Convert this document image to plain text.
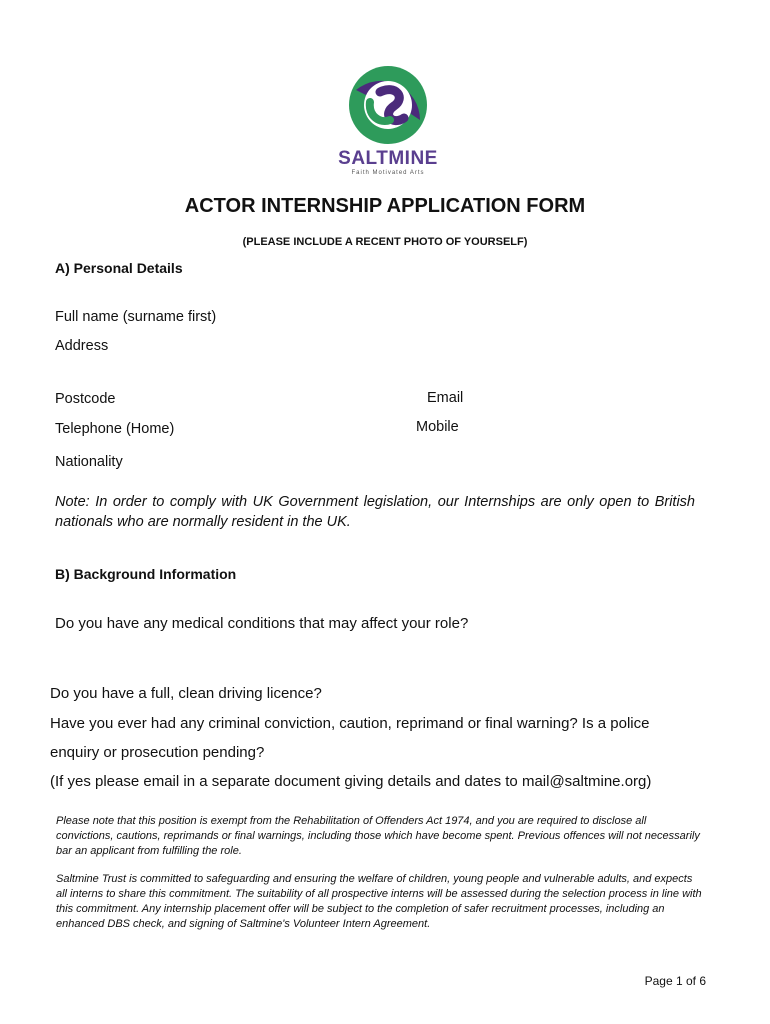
SALTMINE
Faith Motivated Arts
ACTOR INTERNSHIP APPLICATION FORM
(PLEASE INCLUDE A RECENT PHOTO OF YOURSELF)
A) Personal Details
Full name (surname first)
Address
Postcode	Email
Telephone (Home)	Mobile
Nationality
Note: In order to comply with UK Government legislation, our Internships are only open to British nationals who are normally resident in the UK.
B) Background Information
Do you have any medical conditions that may affect your role?
Do you have a full, clean driving licence?
Have you ever had any criminal conviction, caution, reprimand or final warning? Is a police
enquiry or prosecution pending?
(If yes please email in a separate document giving details and dates to mail@saltmine.org)
Please note that this position is exempt from the Rehabilitation of Offenders Act 1974, and you are required to disclose all convictions, cautions, reprimands or final warnings, including those which have become spent. Previous offences will not necessarily bar an applicant from fulfilling the role.
Saltmine Trust is committed to safeguarding and ensuring the welfare of children, young people and vulnerable adults, and expects all interns to share this commitment. The suitability of all prospective interns will be assessed during the selection process in line with this commitment. Any internship placement offer will be subject to the completion of safer recruitment processes, including an enhanced DBS check, and signing of Saltmine's Volunteer Intern Agreement.
Page 1 of 6
